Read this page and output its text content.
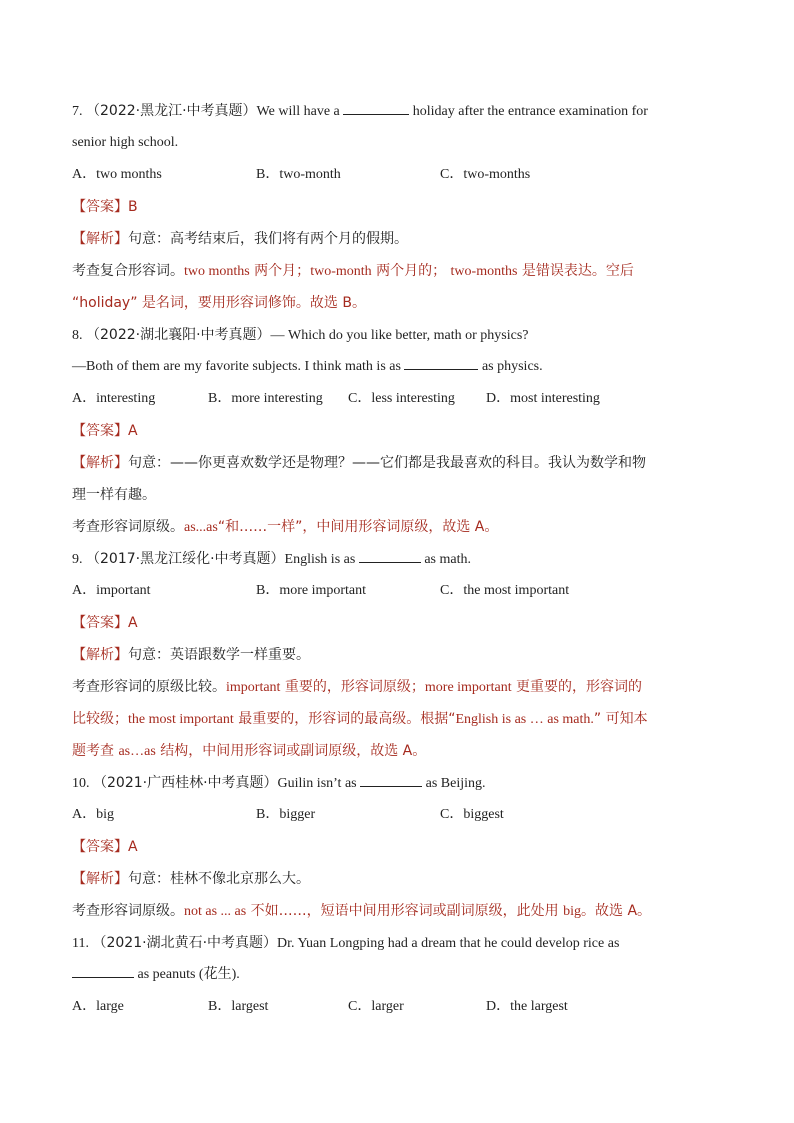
7. （2022·黑龙江·中考真题）We will have a	holiday after the entrance examination for
senior high school.
A．two months	B．two-month	C．two-months
【答案】B
【解析】句意：高考结束后，我们将有两个月的假期。
考查复合形容词。two months 两个月；two-month 两个月的； two-months 是错误表达。空后
“holiday” 是名词，要用形容词修饰。故选 B。
8. （2022·湖北襄阳·中考真题）— Which do you like better, math or physics?
—Both of them are my favorite subjects. I think math is as	as physics.
A．interesting	B．more interesting C．less interesting D．most interesting
【答案】A
【解析】句意：——你更喜欢数学还是物理？——它们都是我最喜欢的科目。我认为数学和物
理一样有趣。
考查形容词原级。as...as“和……一样”，中间用形容词原级，故选 A。
9. （2017·黑龙江绥化·中考真题）English is as	as math.
A．important	B．more important	C．the most important
【答案】A
【解析】句意：英语跟数学一样重要。
考查形容词的原级比较。important 重要的，形容词原级；more important 更重要的，形容词的
比较级；the most important 最重要的，形容词的最高级。根据“English is as … as math.” 可知本
题考查 as…as 结构，中间用形容词或副词原级，故选 A。
10. （2021·广西桂林·中考真题）Guilin isn’t as	as Beijing.
A．big	B．bigger	C．biggest
【答案】A
【解析】句意：桂林不像北京那么大。
考查形容词原级。not as ... as 不如……，短语中间用形容词或副词原级，此处用 big。故选 A。
11. （2021·湖北黄石·中考真题）Dr. Yuan Longping had a dream that he could develop rice as
as peanuts (花生).
A．large	B．largest	C．larger	D．the largest
